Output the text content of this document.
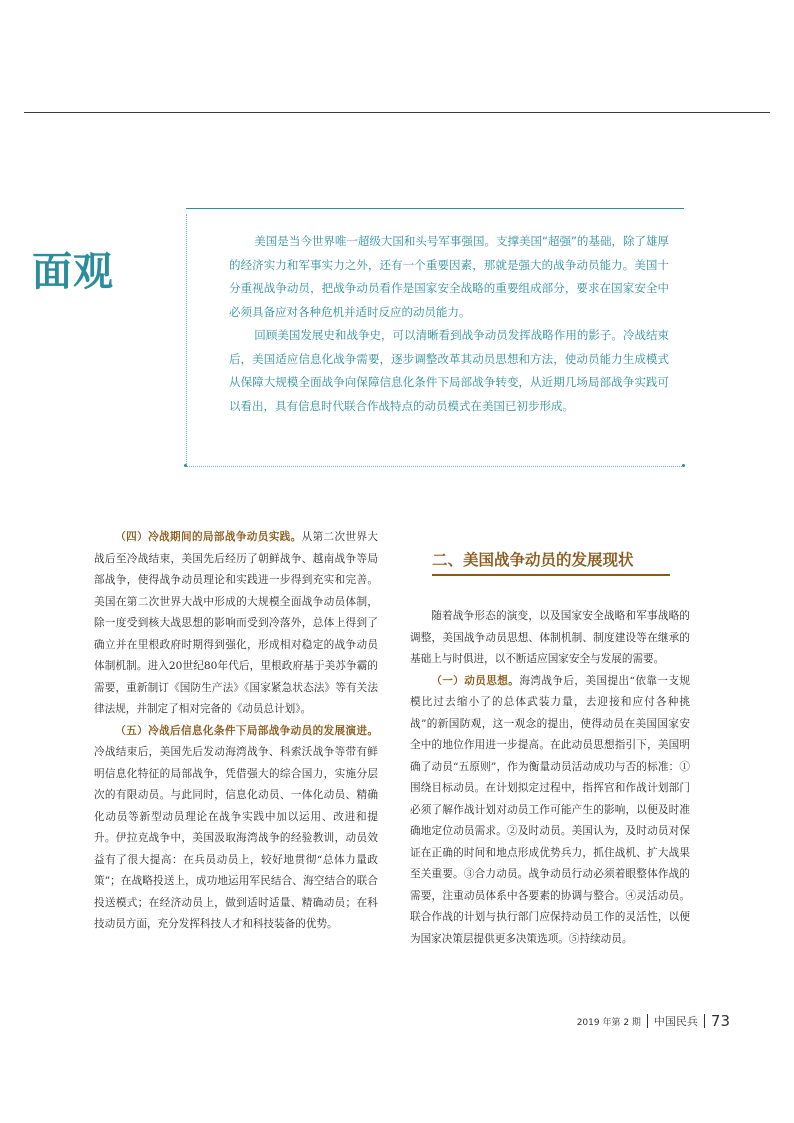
面观

美国是当今世界唯一超级大国和头号军事强国。支撑美国“超强”的基础，除了雄厚的经济实力和军事实力之外，还有一个重要因素，那就是强大的战争动员能力。美国十分重视战争动员，把战争动员看作是国家安全战略的重要组成部分，要求在国家安全中必须具备应对各种危机并适时反应的动员能力。

回顾美国发展史和战争史，可以清晰看到战争动员发挥战略作用的影子。冷战结束后，美国适应信息化战争需要，逐步调整改革其动员思想和方法，使动员能力生成模式从保障大规模全面战争向保障信息化条件下局部战争转变，从近期几场局部战争实践可以看出，具有信息时代联合作战特点的动员模式在美国已初步形成。

（四）冷战期间的局部战争动员实践。从第二次世界大战后至冷战结束，美国先后经历了朝鲜战争、越南战争等局部战争，使得战争动员理论和实践进一步得到充实和完善。美国在第二次世界大战中形成的大规模全面战争动员体制，除一度受到核大战思想的影响而受到冷落外，总体上得到了确立并在里根政府时期得到强化，形成相对稳定的战争动员体制机制。进入20世纪80年代后，里根政府基于美苏争霸的需要，重新制订《国防生产法》《国家紧急状态法》等有关法律法规，并制定了相对完备的《动员总计划》。

（五）冷战后信息化条件下局部战争动员的发展演进。冷战结束后，美国先后发动海湾战争、科索沃战争等带有鲜明信息化特征的局部战争，凭借强大的综合国力，实施分层次的有限动员。与此同时，信息化动员、一体化动员、精确化动员等新型动员理论在战争实践中加以运用、改进和提升。伊拉克战争中，美国汲取海湾战争的经验教训，动员效益有了很大提高：在兵员动员上，较好地贯彻“总体力量政策”；在战略投送上，成功地运用军民结合、海空结合的联合投送模式；在经济动员上，做到适时适量、精确动员；在科技动员方面，充分发挥科技人才和科技装备的优势。

二、美国战争动员的发展现状

随着战争形态的演变，以及国家安全战略和军事战略的调整，美国战争动员思想、体制机制、制度建设等在继承的基础上与时俱进，以不断适应国家安全与发展的需要。

（一）动员思想。海湾战争后，美国提出“依靠一支规模比过去缩小了的总体武装力量，去迎接和应付各种挑战”的新国防观，这一观念的提出，使得动员在美国国家安全中的地位作用进一步提高。在此动员思想指引下，美国明确了动员“五原则”，作为衡量动员活动成功与否的标准：①围绕目标动员。在计划拟定过程中，指挥官和作战计划部门必须了解作战计划对动员工作可能产生的影响，以便及时准确地定位动员需求。②及时动员。美国认为，及时动员对保证在正确的时间和地点形成优势兵力，抓住战机、扩大战果至关重要。③合力动员。战争动员行动必须着眼整体作战的需要，注重动员体系中各要素的协调与整合。④灵活动员。联合作战的计划与执行部门应保持动员工作的灵活性，以便为国家决策层提供更多决策选项。⑤持续动员。

2019 年第 2 期 中国民兵 73
